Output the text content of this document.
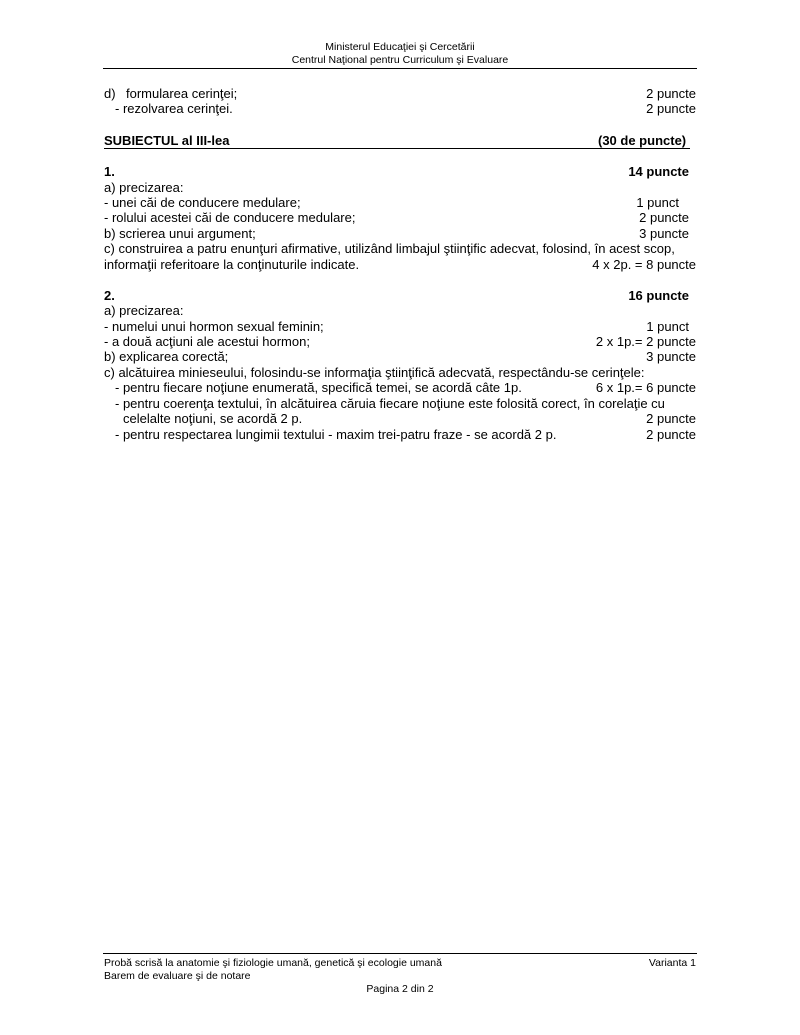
Ministerul Educaţiei şi Cercetării
Centrul Naţional pentru Curriculum şi Evaluare
d) formularea cerinţei;	2 puncte
- rezolvarea cerinţei.	2 puncte
SUBIECTUL al III-lea	(30 de puncte)
1.	14 puncte
a) precizarea:
- unei căi de conducere medulare;	1 punct
- rolului acestei căi de conducere medulare;	2 puncte
b) scrierea unui argument;	3 puncte
c) construirea a patru enunţuri afirmative, utilizând limbajul ştiinţific adecvat, folosind, în acest scop,
informaţii referitoare la conţinuturile indicate.	4 x 2p. = 8 puncte
2.	16 puncte
a) precizarea:
- numelui unui hormon sexual feminin;	1 punct
- a două acţiuni ale acestui hormon;	2 x 1p.= 2 puncte
b) explicarea corectă;	3 puncte
c) alcătuirea minieseului, folosindu-se informaţia ştiinţifică adecvată, respectându-se cerinţele:
- pentru fiecare noţiune enumerată, specifică temei, se acordă câte 1p.	6 x 1p.= 6 puncte
- pentru coerenţa textului, în alcătuirea căruia fiecare noţiune este folosită corect, în corelaţie cu
celelalte noţiuni, se acordă 2 p.	2 puncte
- pentru respectarea lungimii textului - maxim trei-patru fraze - se acordă 2 p.	2 puncte
Probă scrisă la anatomie şi fiziologie umană, genetică şi ecologie umană	Varianta 1
Barem de evaluare şi de notare
Pagina 2 din 2
